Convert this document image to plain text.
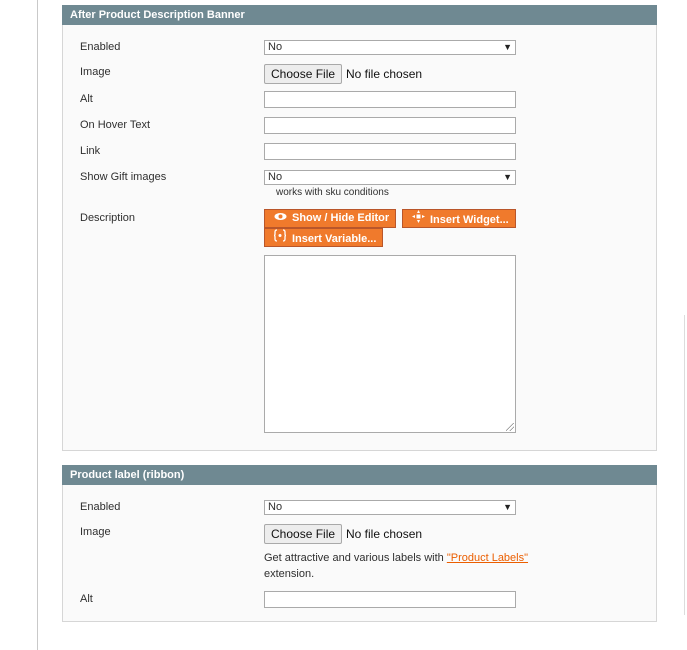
After Product Description Banner
Enabled	No	▼
Image	Choose File No file chosen
Alt
On Hover Text
Link
Show Gift images	No	▼
works with sku conditions
Description	Show / Hide Editor	Insert Widget...
Insert Variable...
Product label (ribbon)
Enabled	No	▼
Image	Choose File No file chosen
Get attractive and various labels with "Product Labels"
extension.
Alt
